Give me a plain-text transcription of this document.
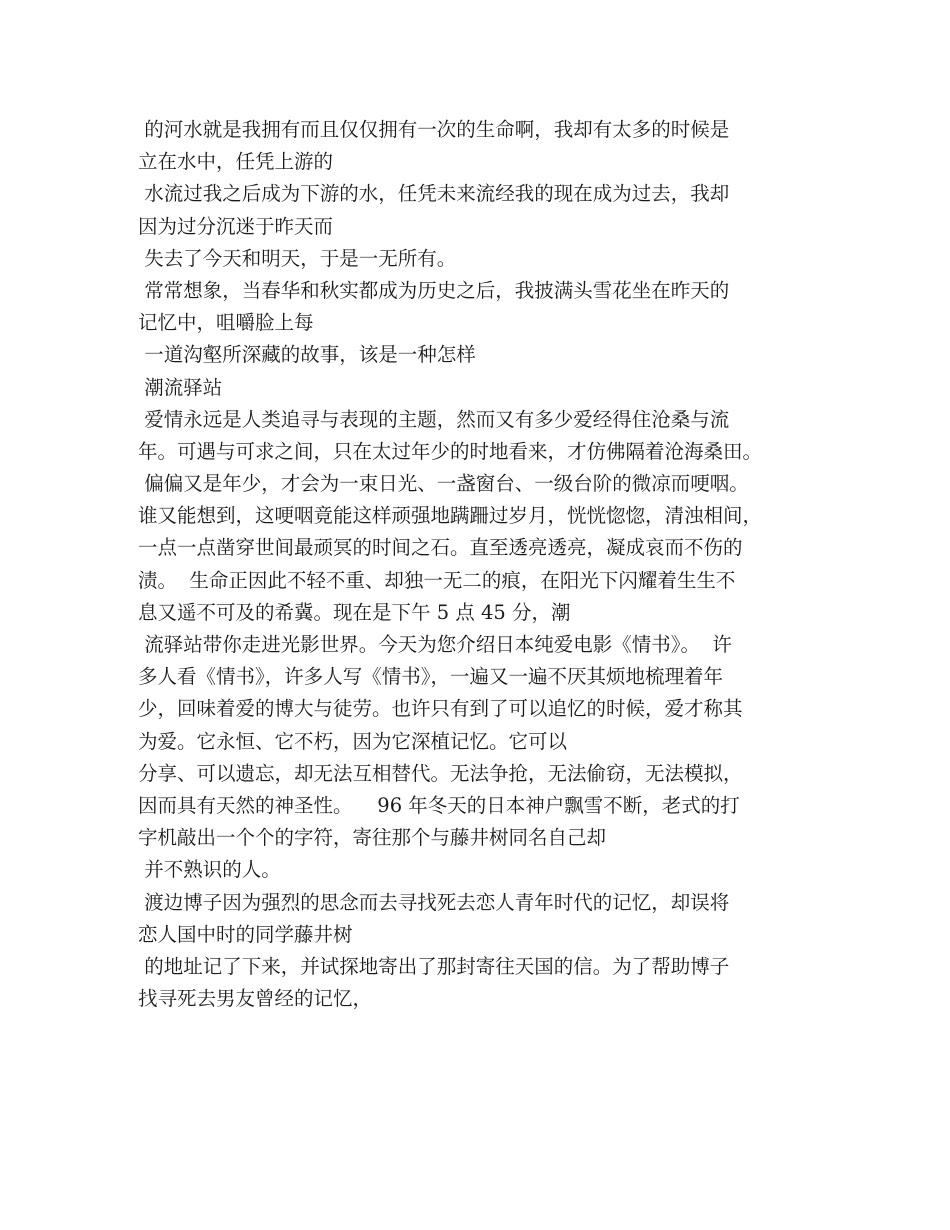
的河水就是我拥有而且仅仅拥有一次的生命啊，我却有太多的时候是
立在水中，任凭上游的
水流过我之后成为下游的水，任凭未来流经我的现在成为过去，我却
因为过分沉迷于昨天而
失去了今天和明天，于是一无所有。
常常想象，当春华和秋实都成为历史之后，我披满头雪花坐在昨天的
记忆中，咀嚼脸上每
一道沟壑所深藏的故事，该是一种怎样
潮流驿站
爱情永远是人类追寻与表现的主题，然而又有多少爱经得住沧桑与流
年。可遇与可求之间，只在太过年少的时地看来，才仿佛隔着沧海桑田。
偏偏又是年少，才会为一束日光、一盏窗台、一级台阶的微凉而哽咽。
谁又能想到，这哽咽竟能这样顽强地蹒跚过岁月，恍恍惚惚，清浊相间，
一点一点凿穿世间最顽冥的时间之石。直至透亮透亮，凝成哀而不伤的
渍。  生命正因此不轻不重、却独一无二的痕，在阳光下闪耀着生生不
息又遥不可及的希冀。现在是下午 5 点 45 分，潮
流驿站带你走进光影世界。今天为您介绍日本纯爱电影《情书》。  许
多人看《情书》，许多人写《情书》，一遍又一遍不厌其烦地梳理着年
少，回味着爱的博大与徒劳。也许只有到了可以追忆的时候，爱才称其
为爱。它永恒、它不朽，因为它深植记忆。它可以
分享、可以遗忘，却无法互相替代。无法争抢，无法偷窃，无法模拟，
因而具有天然的神圣性。    96 年冬天的日本神户飘雪不断，老式的打
字机敲出一个个的字符，寄往那个与藤井树同名自己却
并不熟识的人。
渡边博子因为强烈的思念而去寻找死去恋人青年时代的记忆，却误将
恋人国中时的同学藤井树
的地址记了下来，并试探地寄出了那封寄往天国的信。为了帮助博子
找寻死去男友曾经的记忆，
